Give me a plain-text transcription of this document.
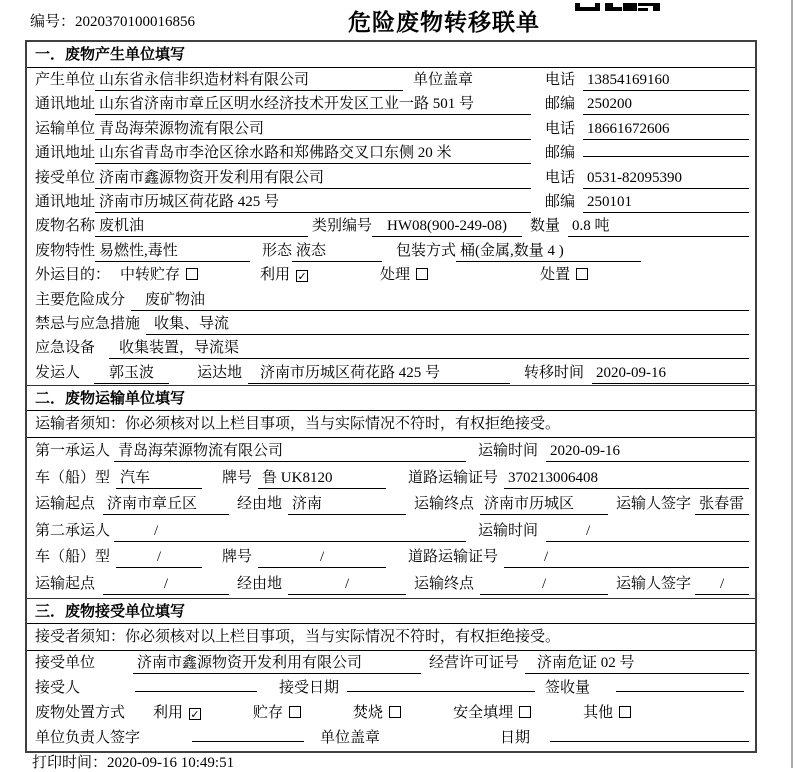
编号：2020370100016856	危险废物转移联单
一．废物产生单位填写
产生单位 山东省永信非织造材料有限公司	单位盖章	电话 13854169160
通讯地址 山东省济南市章丘区明水经济技术开发区工业一路 501 号	邮编 250200
运输单位 青岛海荣源物流有限公司	电话 18661672606
通讯地址 山东省青岛市李沧区徐水路和郑佛路交叉口东侧 20 米	邮编
接受单位 济南市鑫源物资开发利用有限公司	电话 0531-82095390
通讯地址 济南市历城区荷花路 425 号	邮编 250101
废物名称 废机油	类别编号	HW08(900-249-08)	数量 0.8 吨
废物特性 易燃性,毒性	形态 液态	包装方式 桶(金属,数量 4 )
外运目的： 中转贮存	利用 ✓	处理	处置
主要危险成分	废矿物油
禁忌与应急措施 收集、导流
应急设备	收集装置，导流渠
发运人	郭玉波	运达地	济南市历城区荷花路 425 号	转移时间 2020-09-16
二．废物运输单位填写
运输者须知：你必须核对以上栏目事项，当与实际情况不符时，有权拒绝接受。
第一承运人 青岛海荣源物流有限公司	运输时间 2020-09-16
车（船）型 汽车	牌号 鲁 UK8120	道路运输证号 370213006408
运输起点 济南市章丘区	经由地 济南	运输终点 济南市历城区	运输人签字 张春雷
第二承运人	/	运输时间	/
车（船）型	/	牌号	/	道路运输证号	/
运输起点	/	经由地	/	运输终点	/	运输人签字	/
三．废物接受单位填写
接受者须知：你必须核对以上栏目事项，当与实际情况不符时，有权拒绝接受。
接受单位	济南市鑫源物资开发利用有限公司	经营许可证号	济南危证 02 号
接受人	接受日期	签收量
废物处置方式 利用 ✓	贮存	焚烧	安全填埋	其他
单位负责人签字	单位盖章	日期
打印时间：2020-09-16 10:49:51
